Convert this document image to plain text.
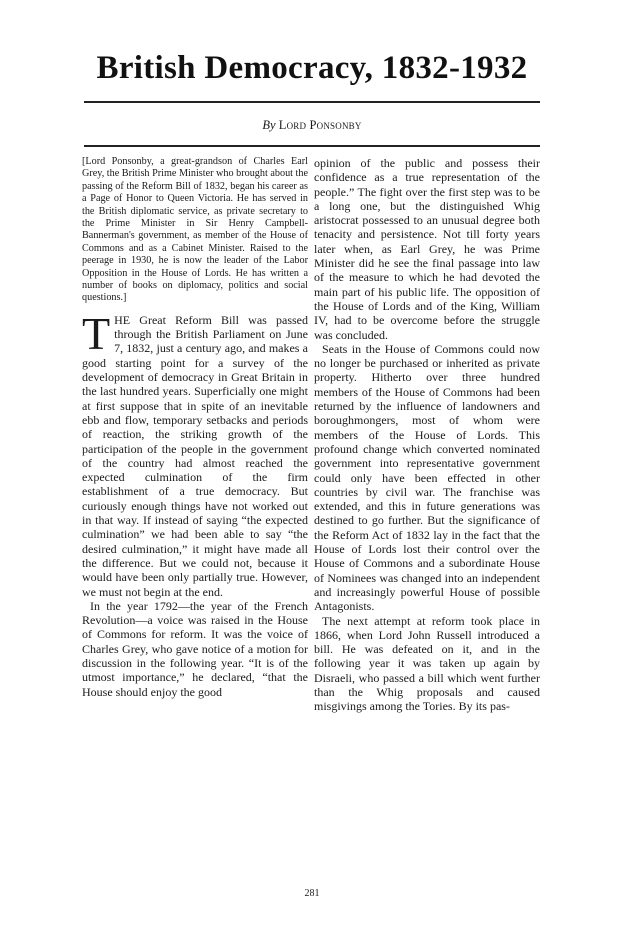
British Democracy, 1832-1932
By Lord Ponsonby

[Lord Ponsonby, a great-grandson of Charles Earl Grey, the British Prime Minister who brought about the passing of the Reform Bill of 1832, began his career as a Page of Honor to Queen Victoria. He has served in the British diplomatic service, as private secretary to the Prime Minister in Sir Henry Campbell-Bannerman's government, as member of the House of Commons and as a Cabinet Minister. Raised to the peerage in 1930, he is now the leader of the Labor Opposition in the House of Lords. He has written a number of books on diplomacy, politics and social questions.]

THE Great Reform Bill was passed through the British Parliament on June 7, 1832, just a century ago, and makes a good starting point for a survey of the development of democracy in Great Britain in the last hundred years. Superficially one might at first suppose that in spite of an inevitable ebb and flow, temporary setbacks and periods of reaction, the striking growth of the participation of the people in the government of the country had almost reached the expected culmination of the firm establishment of a true democracy. But curiously enough things have not worked out in that way. If instead of saying “the expected culmination” we had been able to say “the desired culmination,” it might have made all the difference. But we could not, because it would have been only partially true. However, we must not begin at the end.

In the year 1792—the year of the French Revolution—a voice was raised in the House of Commons for reform. It was the voice of Charles Grey, who gave notice of a motion for discussion in the following year. “It is of the utmost importance,” he declared, “that the House should enjoy the good

opinion of the public and possess their confidence as a true representation of the people.” The fight over the first step was to be a long one, but the distinguished Whig aristocrat possessed to an unusual degree both tenacity and persistence. Not till forty years later when, as Earl Grey, he was Prime Minister did he see the final passage into law of the measure to which he had devoted the main part of his public life. The opposition of the House of Lords and of the King, William IV, had to be overcome before the struggle was concluded.

Seats in the House of Commons could now no longer be purchased or inherited as private property. Hitherto over three hundred members of the House of Commons had been returned by the influence of landowners and boroughmongers, most of whom were members of the House of Lords. This profound change which converted nominated government into representative government could only have been effected in other countries by civil war. The franchise was extended, and this in future generations was destined to go further. But the significance of the Reform Act of 1832 lay in the fact that the House of Lords lost their control over the House of Commons and a subordinate House of Nominees was changed into an independent and increasingly powerful House of possible Antagonists.

The next attempt at reform took place in 1866, when Lord John Russell introduced a bill. He was defeated on it, and in the following year it was taken up again by Disraeli, who passed a bill which went further than the Whig proposals and caused misgivings among the Tories. By its pas-

281
